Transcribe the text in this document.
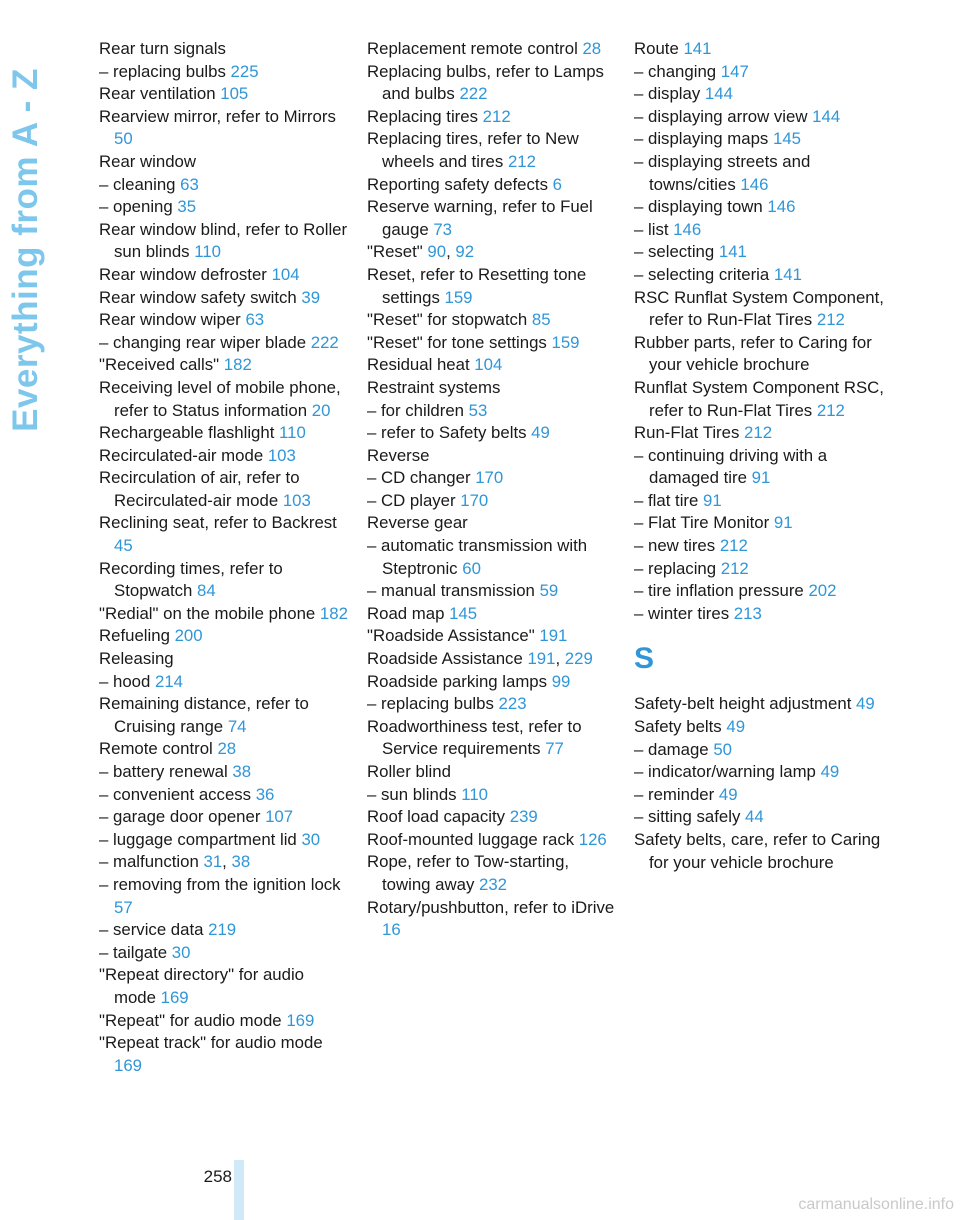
Everything from A - Z
Rear turn signals
– replacing bulbs 225
Rear ventilation 105
Rearview mirror, refer to Mirrors 50
Rear window
– cleaning 63
– opening 35
Rear window blind, refer to Roller sun blinds 110
Rear window defroster 104
Rear window safety switch 39
Rear window wiper 63
– changing rear wiper blade 222
"Received calls" 182
Receiving level of mobile phone, refer to Status information 20
Rechargeable flashlight 110
Recirculated-air mode 103
Recirculation of air, refer to Recirculated-air mode 103
Reclining seat, refer to Backrest 45
Recording times, refer to Stopwatch 84
"Redial" on the mobile phone 182
Refueling 200
Releasing
– hood 214
Remaining distance, refer to Cruising range 74
Remote control 28
– battery renewal 38
– convenient access 36
– garage door opener 107
– luggage compartment lid 30
– malfunction 31, 38
– removing from the ignition lock 57
– service data 219
– tailgate 30
"Repeat directory" for audio mode 169
"Repeat" for audio mode 169
"Repeat track" for audio mode 169
Replacement remote control 28
Replacing bulbs, refer to Lamps and bulbs 222
Replacing tires 212
Replacing tires, refer to New wheels and tires 212
Reporting safety defects 6
Reserve warning, refer to Fuel gauge 73
"Reset" 90, 92
Reset, refer to Resetting tone settings 159
"Reset" for stopwatch 85
"Reset" for tone settings 159
Residual heat 104
Restraint systems
– for children 53
– refer to Safety belts 49
Reverse
– CD changer 170
– CD player 170
Reverse gear
– automatic transmission with Steptronic 60
– manual transmission 59
Road map 145
"Roadside Assistance" 191
Roadside Assistance 191, 229
Roadside parking lamps 99
– replacing bulbs 223
Roadworthiness test, refer to Service requirements 77
Roller blind
– sun blinds 110
Roof load capacity 239
Roof-mounted luggage rack 126
Rope, refer to Tow-starting, towing away 232
Rotary/pushbutton, refer to iDrive 16
Route 141
– changing 147
– display 144
– displaying arrow view 144
– displaying maps 145
– displaying streets and towns/cities 146
– displaying town 146
– list 146
– selecting 141
– selecting criteria 141
RSC Runflat System Component, refer to Run-Flat Tires 212
Rubber parts, refer to Caring for your vehicle brochure
Runflat System Component RSC, refer to Run-Flat Tires 212
Run-Flat Tires 212
– continuing driving with a damaged tire 91
– flat tire 91
– Flat Tire Monitor 91
– new tires 212
– replacing 212
– tire inflation pressure 202
– winter tires 213
S
Safety-belt height adjustment 49
Safety belts 49
– damage 50
– indicator/warning lamp 49
– reminder 49
– sitting safely 44
Safety belts, care, refer to Caring for your vehicle brochure
258
carmanualsonline.info
